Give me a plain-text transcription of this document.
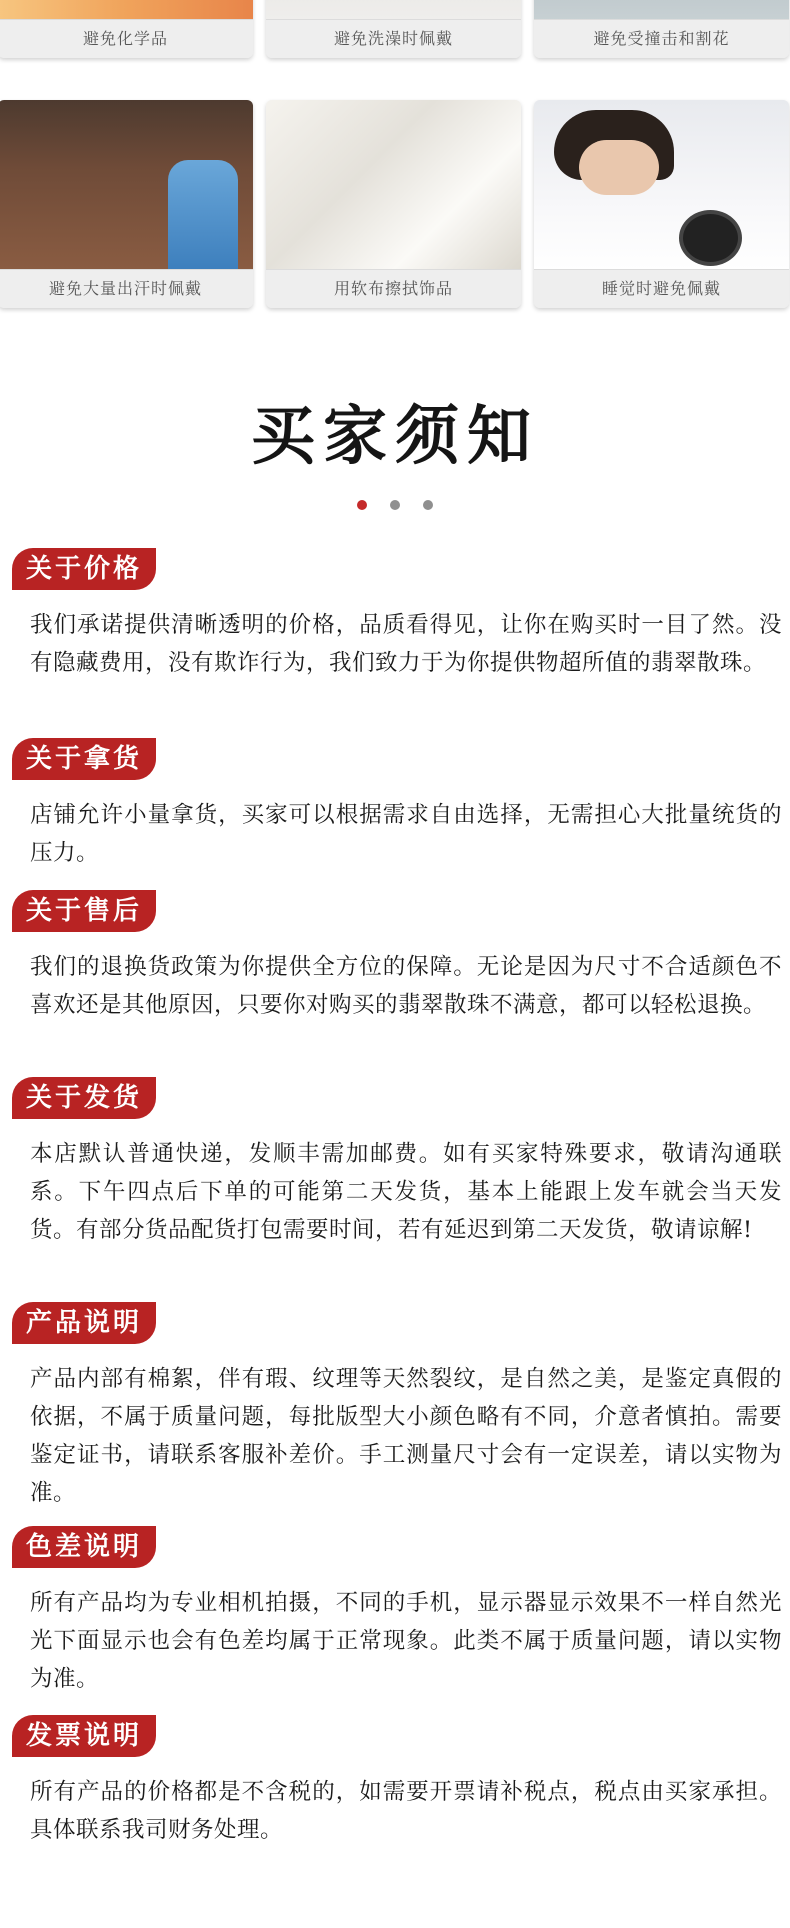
避免化学品	避免洗澡时佩戴	避免受撞击和割花
避免大量出汗时佩戴	用软布擦拭饰品	睡觉时避免佩戴
买家须知

关于价格
我们承诺提供清晰透明的价格，品质看得见，让你在购买时一目了然。没有隐藏费用，没有欺诈行为，我们致力于为你提供物超所值的翡翠散珠。
关于拿货
店铺允许小量拿货，买家可以根据需求自由选择，无需担心大批量统货的压力。
关于售后
我们的退换货政策为你提供全方位的保障。无论是因为尺寸不合适颜色不喜欢还是其他原因，只要你对购买的翡翠散珠不满意，都可以轻松退换。
关于发货
本店默认普通快递，发顺丰需加邮费。如有买家特殊要求，敬请沟通联系。下午四点后下单的可能第二天发货，基本上能跟上发车就会当天发货。有部分货品配货打包需要时间，若有延迟到第二天发货，敬请谅解!
产品说明
产品内部有棉絮，伴有瑕、纹理等天然裂纹，是自然之美，是鉴定真假的依据，不属于质量问题，每批版型大小颜色略有不同，介意者慎拍。需要鉴定证书，请联系客服补差价。手工测量尺寸会有一定误差，请以实物为准。
色差说明
所有产品均为专业相机拍摄，不同的手机，显示器显示效果不一样自然光光下面显示也会有色差均属于正常现象。此类不属于质量问题，请以实物为准。
发票说明
所有产品的价格都是不含税的，如需要开票请补税点，税点由买家承担。具体联系我司财务处理。
